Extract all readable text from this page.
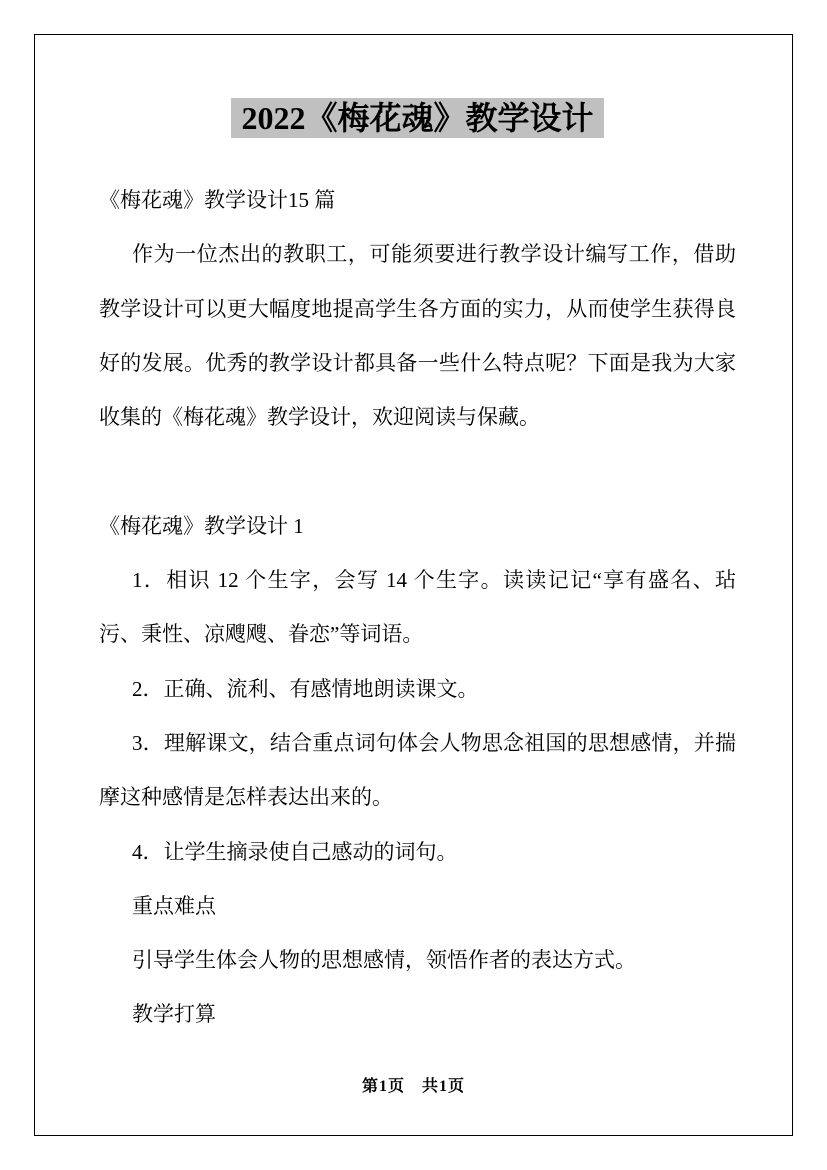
2022《梅花魂》教学设计
《梅花魂》教学设计15 篇
作为一位杰出的教职工，可能须要进行教学设计编写工作，借助
教学设计可以更大幅度地提高学生各方面的实力，从而使学生获得良
好的发展。优秀的教学设计都具备一些什么特点呢？下面是我为大家
收集的《梅花魂》教学设计，欢迎阅读与保藏。
《梅花魂》教学设计 1
1．相识 12 个生字，会写 14 个生字。读读记记“享有盛名、玷
污、秉性、凉飕飕、眷恋”等词语。
2．正确、流利、有感情地朗读课文。
3．理解课文，结合重点词句体会人物思念祖国的思想感情，并揣
摩这种感情是怎样表达出来的。
4．让学生摘录使自己感动的词句。
重点难点
引导学生体会人物的思想感情，领悟作者的表达方式。
教学打算
第1页　共1页
